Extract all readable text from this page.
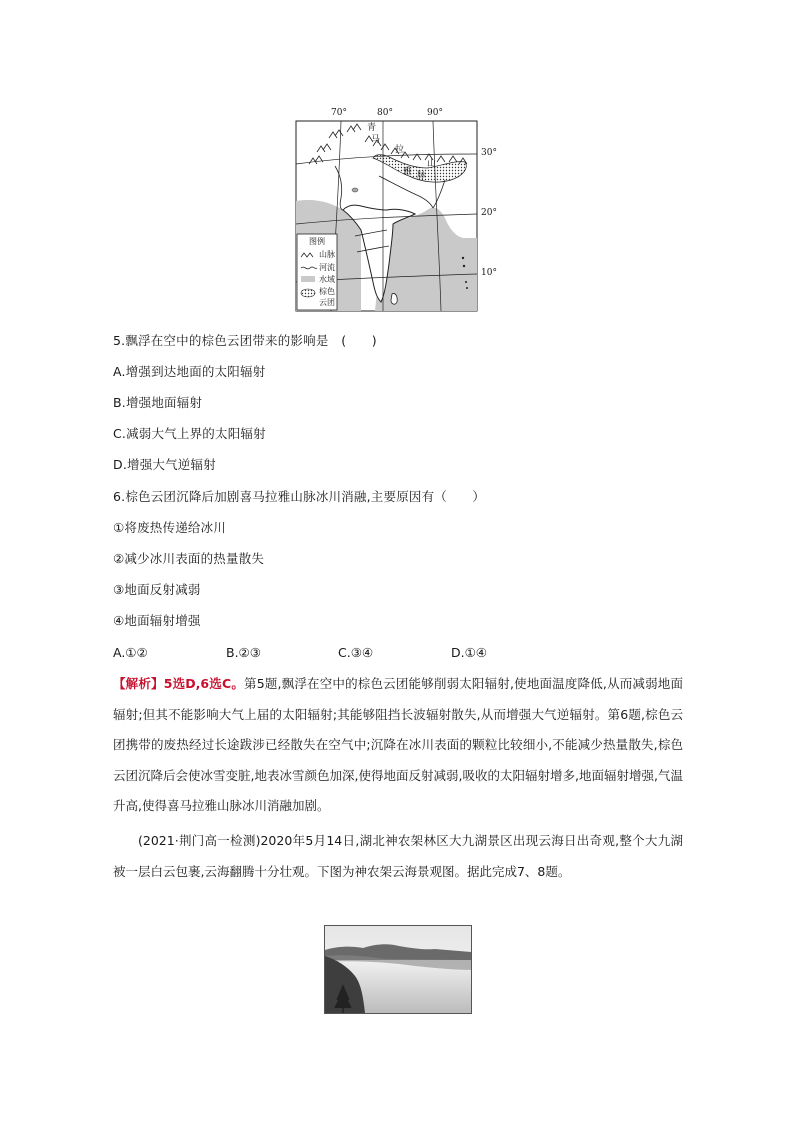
70°	80°	90°
30°
20°
10°
青
马
拉
山
雅 脉
图例
山脉
河流
水域
棕色
云团
5.飘浮在空中的棕色云团带来的影响是　(　　)
A.增强到达地面的太阳辐射
B.增强地面辐射
C.减弱大气上界的太阳辐射
D.增强大气逆辐射
6.棕色云团沉降后加剧喜马拉雅山脉冰川消融,主要原因有（　　）
①将废热传递给冰川
②减少冰川表面的热量散失
③地面反射减弱
④地面辐射增强
A.①②	B.②③	C.③④	D.①④
【解析】5选D,6选C。第5题,飘浮在空中的棕色云团能够削弱太阳辐射,使地面温度降低,从而减弱地面辐射;但其不能影响大气上届的太阳辐射;其能够阻挡长波辐射散失,从而增强大气逆辐射。第6题,棕色云团携带的废热经过长途跋涉已经散失在空气中;沉降在冰川表面的颗粒比较细小,不能减少热量散失,棕色云团沉降后会使冰雪变脏,地表冰雪颜色加深,使得地面反射减弱,吸收的太阳辐射增多,地面辐射增强,气温升高,使得喜马拉雅山脉冰川消融加剧。
(2021·荆门高一检测)2020年5月14日,湖北神农架林区大九湖景区出现云海日出奇观,整个大九湖被一层白云包裹,云海翻腾十分壮观。下图为神农架云海景观图。据此完成7、8题。
